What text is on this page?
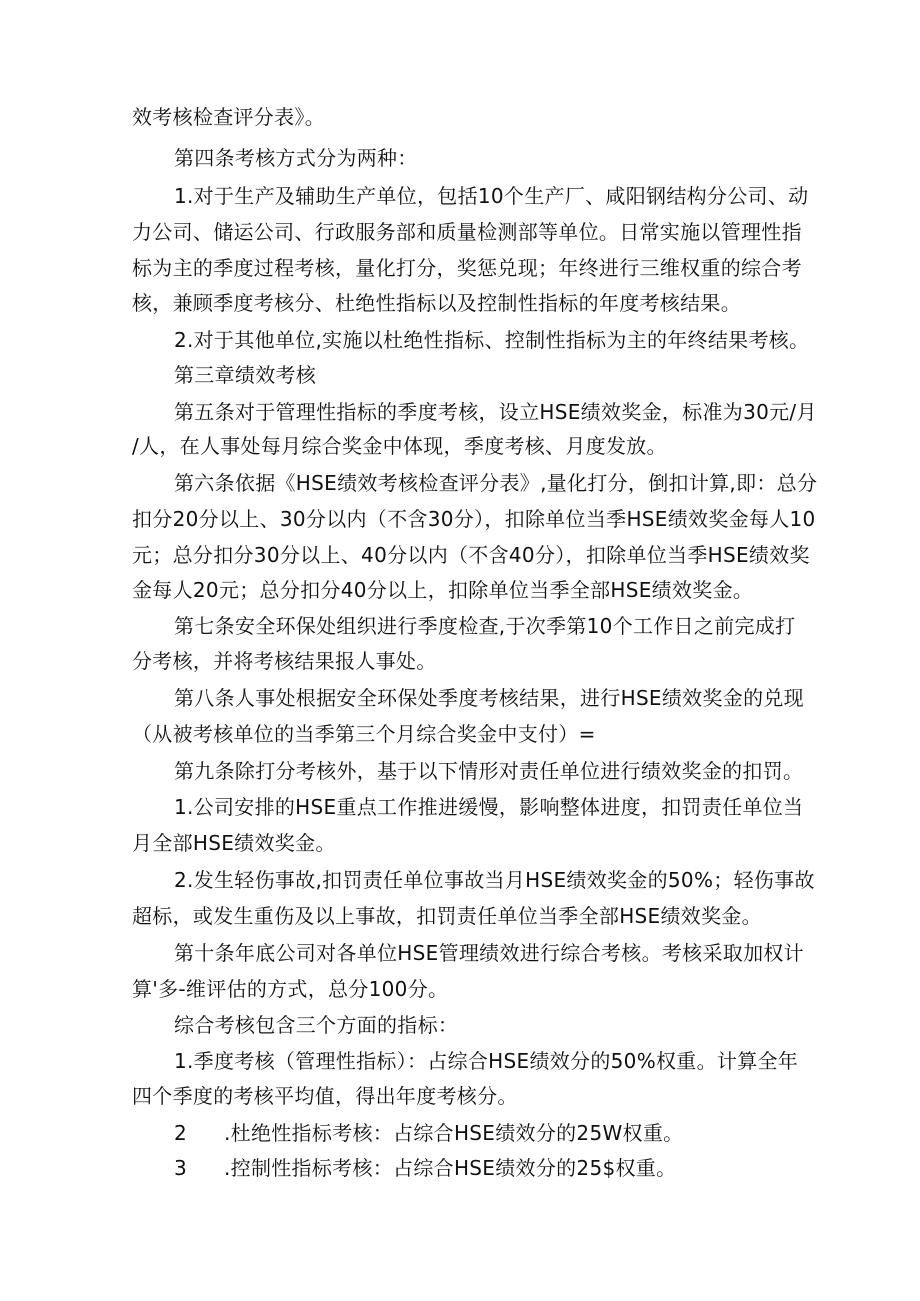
效考核检查评分表》。
第四条考核方式分为两种：
1.对于生产及辅助生产单位，包括10个生产厂、咸阳钢结构分公司、动
力公司、储运公司、行政服务部和质量检测部等单位。日常实施以管理性指
标为主的季度过程考核，量化打分，奖惩兑现；年终进行三维权重的综合考
核，兼顾季度考核分、杜绝性指标以及控制性指标的年度考核结果。
2.对于其他单位,实施以杜绝性指标、控制性指标为主的年终结果考核。
第三章绩效考核
第五条对于管理性指标的季度考核，设立HSE绩效奖金，标准为30元/月
/人，在人事处每月综合奖金中体现，季度考核、月度发放。
第六条依据《HSE绩效考核检查评分表》,量化打分，倒扣计算,即：总分
扣分20分以上、30分以内（不含30分），扣除单位当季HSE绩效奖金每人10
元；总分扣分30分以上、40分以内（不含40分），扣除单位当季HSE绩效奖
金每人20元；总分扣分40分以上，扣除单位当季全部HSE绩效奖金。
第七条安全环保处组织进行季度检查,于次季第10个工作日之前完成打
分考核，并将考核结果报人事处。
第八条人事处根据安全环保处季度考核结果，进行HSE绩效奖金的兑现
（从被考核单位的当季第三个月综合奖金中支付）=
第九条除打分考核外，基于以下情形对责任单位进行绩效奖金的扣罚。
1.公司安排的HSE重点工作推进缓慢，影响整体进度，扣罚责任单位当
月全部HSE绩效奖金。
2.发生轻伤事故,扣罚责任单位事故当月HSE绩效奖金的50%；轻伤事故
超标，或发生重伤及以上事故，扣罚责任单位当季全部HSE绩效奖金。
第十条年底公司对各单位HSE管理绩效进行综合考核。考核采取加权计
算'多-维评估的方式，总分100分。
综合考核包含三个方面的指标：
1.季度考核（管理性指标）：占综合HSE绩效分的50%权重。计算全年
四个季度的考核平均值，得出年度考核分。
2 .杜绝性指标考核：占综合HSE绩效分的25W权重。
3 .控制性指标考核：占综合HSE绩效分的25$权重。
